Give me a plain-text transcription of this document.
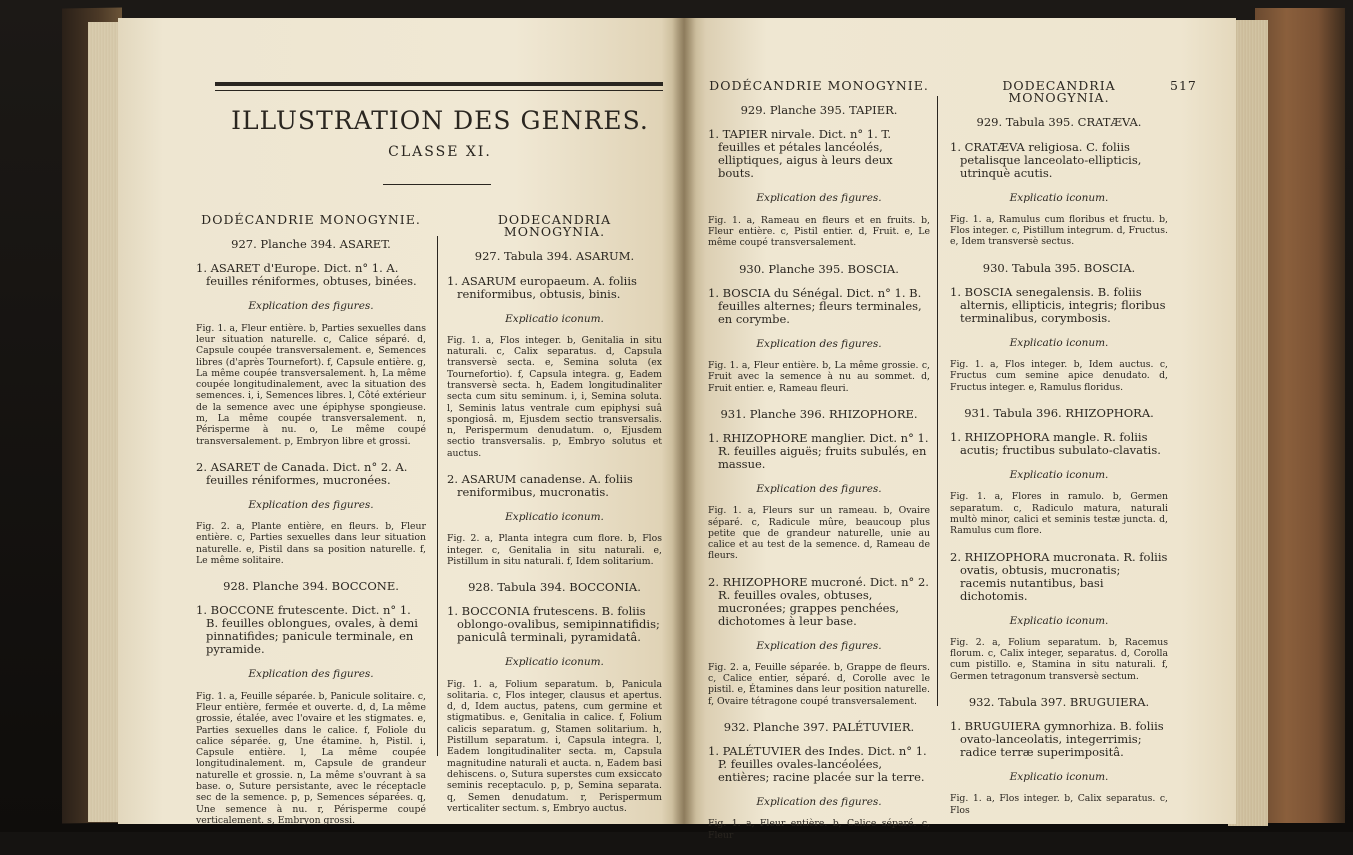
ILLUSTRATION DES GENRES.
CLASSE XI.
DODÉCANDRIE MONOGYNIE.
927. Planche 394. ASARET.
1. ASARET d'Europe. Dict. n° 1. A. feuilles réniformes, obtuses, binées.
Explication des figures.
Fig. 1. a, Fleur entière. b, Parties sexuelles dans leur situation naturelle. c, Calice séparé. d, Capsule coupée transversalement. e, Semences libres (d'après Tournefort). f, Capsule entière. g, La même coupée transversalement. h, La même coupée longitudinalement, avec la situation des semences. i, i, Semences libres. l, Côté extérieur de la semence avec une épiphyse spongieuse. m, La même coupée transversalement. n, Périsperme à nu. o, Le même coupé transversalement. p, Embryon libre et grossi.
2. ASARET de Canada. Dict. n° 2. A. feuilles réniformes, mucronées.
Explication des figures.
Fig. 2. a, Plante entière, en fleurs. b, Fleur entière. c, Parties sexuelles dans leur situation naturelle. e, Pistil dans sa position naturelle. f, Le même solitaire.
928. Planche 394. BOCCONE.
1. BOCCONE frutescente. Dict. n° 1. B. feuilles oblongues, ovales, à demi pinnatifides; panicule terminale, en pyramide.
Explication des figures.
Fig. 1. a, Feuille séparée. b, Panicule solitaire. c, Fleur entière, fermée et ouverte. d, d, La même grossie, étalée, avec l'ovaire et les stigmates. e, Parties sexuelles dans le calice. f, Foliole du calice séparée. g, Une étamine. h, Pistil. i, Capsule entière. l, La même coupée longitudinalement. m, Capsule de grandeur naturelle et grossie. n, La même s'ouvrant à sa base. o, Suture persistante, avec le réceptacle sec de la semence. p, p, Semences séparées. q, Une semence à nu. r, Périsperme coupé verticalement. s, Embryon grossi.
DODECANDRIA MONOGYNIA.
927. Tabula 394. ASARUM.
1. ASARUM europaeum. A. foliis reniformibus, obtusis, binis.
Explicatio iconum.
Fig. 1. a, Flos integer. b, Genitalia in situ naturali. c, Calix separatus. d, Capsula transversè secta. e, Semina soluta (ex Tournefortio). f, Capsula integra. g, Eadem transversè secta. h, Eadem longitudinaliter secta cum situ seminum. i, i, Semina soluta. l, Seminis latus ventrale cum epiphysi suâ spongiosâ. m, Ejusdem sectio transversalis. n, Perispermum denudatum. o, Ejusdem sectio transversalis. p, Embryo solutus et auctus.
2. ASARUM canadense. A. foliis reniformibus, mucronatis.
Explicatio iconum.
Fig. 2. a, Planta integra cum flore. b, Flos integer. c, Genitalia in situ naturali. e, Pistillum in situ naturali. f, Idem solitarium.
928. Tabula 394. BOCCONIA.
1. BOCCONIA frutescens. B. foliis oblongo-ovalibus, semipinnatifidis; paniculâ terminali, pyramidatâ.
Explicatio iconum.
Fig. 1. a, Folium separatum. b, Panicula solitaria. c, Flos integer, clausus et apertus. d, d, Idem auctus, patens, cum germine et stigmatibus. e, Genitalia in calice. f, Folium calicis separatum. g, Stamen solitarium. h, Pistillum separatum. i, Capsula integra. l, Eadem longitudinaliter secta. m, Capsula magnitudine naturali et aucta. n, Eadem basi dehiscens. o, Sutura superstes cum exsiccato seminis receptaculo. p, p, Semina separata. q, Semen denudatum. r, Perispermum verticaliter sectum. s, Embryo auctus.
517
DODÉCANDRIE MONOGYNIE.
929. Planche 395. TAPIER.
1. TAPIER nirvale. Dict. n° 1. T. feuilles et pétales lancéolés, elliptiques, aigus à leurs deux bouts.
Explication des figures.
Fig. 1. a, Rameau en fleurs et en fruits. b, Fleur entière. c, Pistil entier. d, Fruit. e, Le même coupé transversalement.
930. Planche 395. BOSCIA.
1. BOSCIA du Sénégal. Dict. n° 1. B. feuilles alternes; fleurs terminales, en corymbe.
Explication des figures.
Fig. 1. a, Fleur entière. b, La même grossie. c, Fruit avec la semence à nu au sommet. d, Fruit entier. e, Rameau fleuri.
931. Planche 396. RHIZOPHORE.
1. RHIZOPHORE manglier. Dict. n° 1. R. feuilles aiguës; fruits subulés, en massue.
Explication des figures.
Fig. 1. a, Fleurs sur un rameau. b, Ovaire séparé. c, Radicule mûre, beaucoup plus petite que de grandeur naturelle, unie au calice et au test de la semence. d, Rameau de fleurs.
2. RHIZOPHORE mucroné. Dict. n° 2. R. feuilles ovales, obtuses, mucronées; grappes penchées, dichotomes à leur base.
Explication des figures.
Fig. 2. a, Feuille séparée. b, Grappe de fleurs. c, Calice entier, séparé. d, Corolle avec le pistil. e, Étamines dans leur position naturelle. f, Ovaire tétragone coupé transversalement.
932. Planche 397. PALÉTUVIER.
1. PALÉTUVIER des Indes. Dict. n° 1. P. feuilles ovales-lancéolées, entières; racine placée sur la terre.
Explication des figures.
Fig. 1. a, Fleur entière. b, Calice séparé. c, Fleur
DODECANDRIA MONOGYNIA.
929. Tabula 395. CRATÆVA.
1. CRATÆVA religiosa. C. foliis petalisque lanceolato-ellipticis, utrinquè acutis.
Explicatio iconum.
Fig. 1. a, Ramulus cum floribus et fructu. b, Flos integer. c, Pistillum integrum. d, Fructus. e, Idem transversè sectus.
930. Tabula 395. BOSCIA.
1. BOSCIA senegalensis. B. foliis alternis, ellipticis, integris; floribus terminalibus, corymbosis.
Explicatio iconum.
Fig. 1. a, Flos integer. b, Idem auctus. c, Fructus cum semine apice denudato. d, Fructus integer. e, Ramulus floridus.
931. Tabula 396. RHIZOPHORA.
1. RHIZOPHORA mangle. R. foliis acutis; fructibus subulato-clavatis.
Explicatio iconum.
Fig. 1. a, Flores in ramulo. b, Germen separatum. c, Radiculo matura, naturali multò minor, calici et seminis testæ juncta. d, Ramulus cum flore.
2. RHIZOPHORA mucronata. R. foliis ovatis, obtusis, mucronatis; racemis nutantibus, basi dichotomis.
Explicatio iconum.
Fig. 2. a, Folium separatum. b, Racemus florum. c, Calix integer, separatus. d, Corolla cum pistillo. e, Stamina in situ naturali. f, Germen tetragonum transversè sectum.
932. Tabula 397. BRUGUIERA.
1. BRUGUIERA gymnorhiza. B. foliis ovato-lanceolatis, integerrimis; radice terræ superimpositâ.
Explicatio iconum.
Fig. 1. a, Flos integer. b, Calix separatus. c, Flos
